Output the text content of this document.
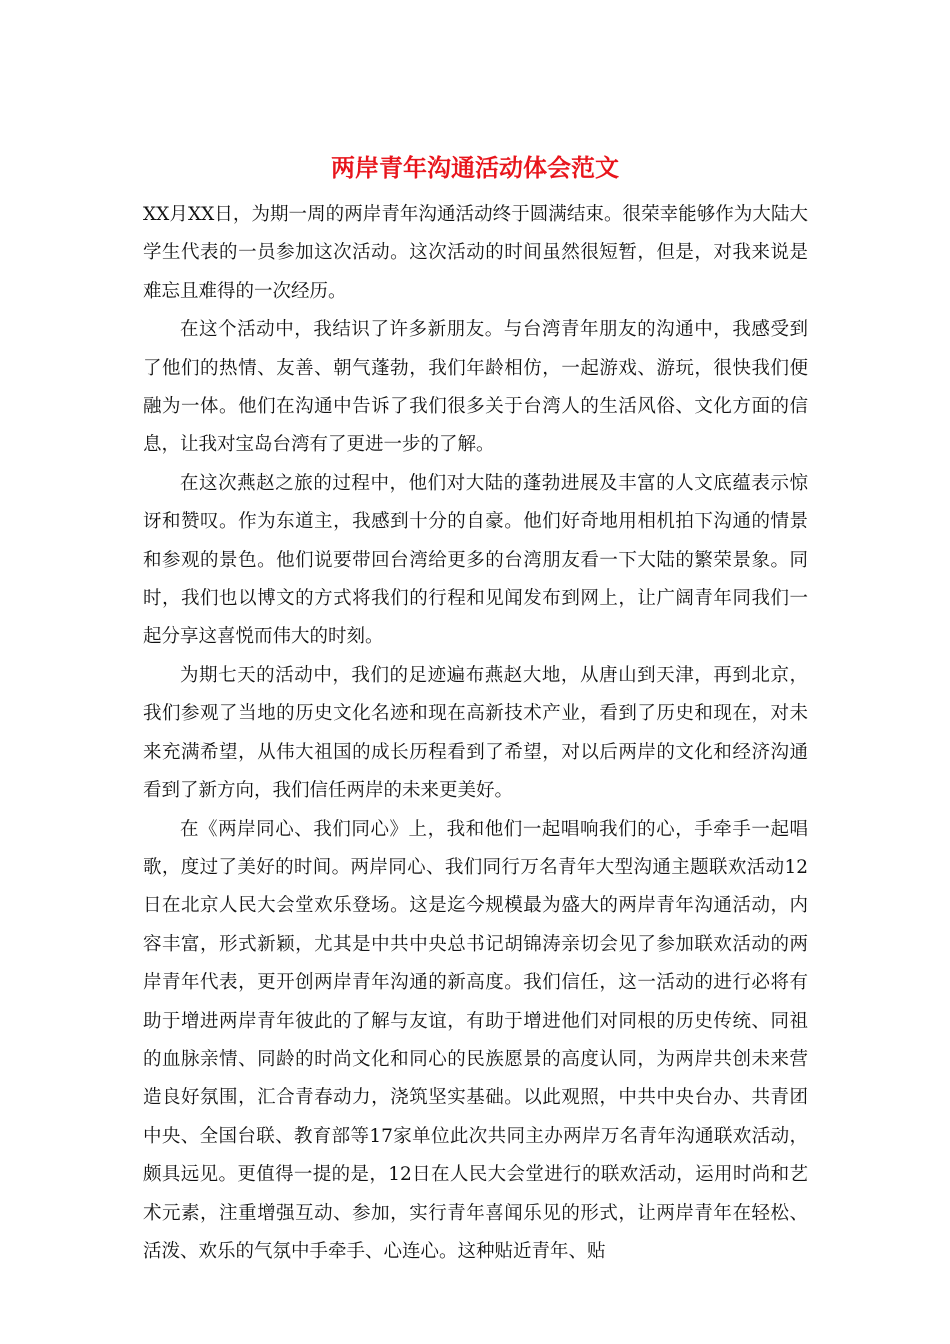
两岸青年沟通活动体会范文

XX月XX日，为期一周的两岸青年沟通活动终于圆满结束。很荣幸能够作为大陆大学生代表的一员参加这次活动。这次活动的时间虽然很短暂，但是，对我来说是难忘且难得的一次经历。

在这个活动中，我结识了许多新朋友。与台湾青年朋友的沟通中，我感受到了他们的热情、友善、朝气蓬勃，我们年龄相仿，一起游戏、游玩，很快我们便融为一体。他们在沟通中告诉了我们很多关于台湾人的生活风俗、文化方面的信息，让我对宝岛台湾有了更进一步的了解。

在这次燕赵之旅的过程中，他们对大陆的蓬勃进展及丰富的人文底蕴表示惊讶和赞叹。作为东道主，我感到十分的自豪。他们好奇地用相机拍下沟通的情景和参观的景色。他们说要带回台湾给更多的台湾朋友看一下大陆的繁荣景象。同时，我们也以博文的方式将我们的行程和见闻发布到网上，让广阔青年同我们一起分享这喜悦而伟大的时刻。

为期七天的活动中，我们的足迹遍布燕赵大地，从唐山到天津，再到北京，我们参观了当地的历史文化名迹和现在高新技术产业，看到了历史和现在，对未来充满希望，从伟大祖国的成长历程看到了希望，对以后两岸的文化和经济沟通看到了新方向，我们信任两岸的未来更美好。

在《两岸同心、我们同心》上，我和他们一起唱响我们的心，手牵手一起唱歌，度过了美好的时间。两岸同心、我们同行万名青年大型沟通主题联欢活动12日在北京人民大会堂欢乐登场。这是迄今规模最为盛大的两岸青年沟通活动，内容丰富，形式新颖，尤其是中共中央总书记胡锦涛亲切会见了参加联欢活动的两岸青年代表，更开创两岸青年沟通的新高度。我们信任，这一活动的进行必将有助于增进两岸青年彼此的了解与友谊，有助于增进他们对同根的历史传统、同祖的血脉亲情、同龄的时尚文化和同心的民族愿景的高度认同，为两岸共创未来营造良好氛围，汇合青春动力，浇筑坚实基础。以此观照，中共中央台办、共青团中央、全国台联、教育部等17家单位此次共同主办两岸万名青年沟通联欢活动，颇具远见。更值得一提的是，12日在人民大会堂进行的联欢活动，运用时尚和艺术元素，注重增强互动、参加，实行青年喜闻乐见的形式，让两岸青年在轻松、活泼、欢乐的气氛中手牵手、心连心。这种贴近青年、贴
